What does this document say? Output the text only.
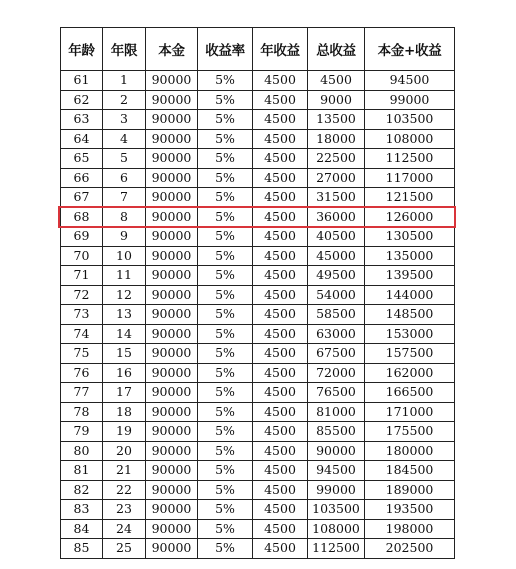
年龄	年限	本金	收益率	年收益	总收益	本金+收益
61	1	90000	5%	4500	4500	94500
62	2	90000	5%	4500	9000	99000
63	3	90000	5%	4500	13500	103500
64	4	90000	5%	4500	18000	108000
65	5	90000	5%	4500	22500	112500
66	6	90000	5%	4500	27000	117000
67	7	90000	5%	4500	31500	121500
68	8	90000	5%	4500	36000	126000
69	9	90000	5%	4500	40500	130500
70	10	90000	5%	4500	45000	135000
71	11	90000	5%	4500	49500	139500
72	12	90000	5%	4500	54000	144000
73	13	90000	5%	4500	58500	148500
74	14	90000	5%	4500	63000	153000
75	15	90000	5%	4500	67500	157500
76	16	90000	5%	4500	72000	162000
77	17	90000	5%	4500	76500	166500
78	18	90000	5%	4500	81000	171000
79	19	90000	5%	4500	85500	175500
80	20	90000	5%	4500	90000	180000
81	21	90000	5%	4500	94500	184500
82	22	90000	5%	4500	99000	189000
83	23	90000	5%	4500	103500	193500
84	24	90000	5%	4500	108000	198000
85	25	90000	5%	4500	112500	202500
